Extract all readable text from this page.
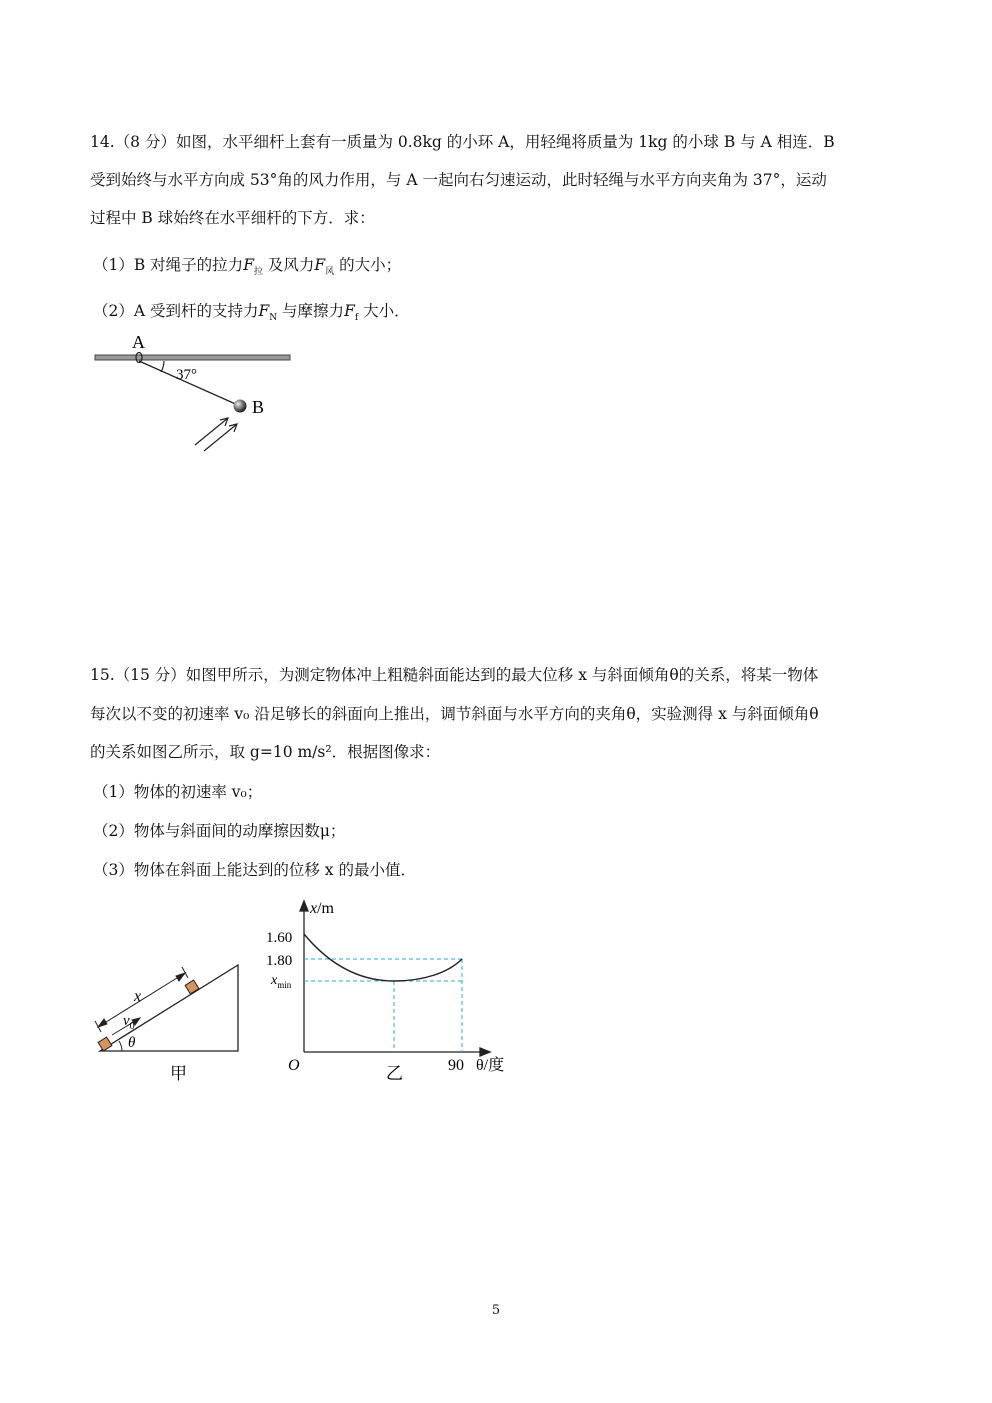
14.（8 分）如图，水平细杆上套有一质量为 0.8kg 的小环 A，用轻绳将质量为 1kg 的小球 B 与 A 相连．B
受到始终与水平方向成 53°角的风力作用，与 A 一起向右匀速运动，此时轻绳与水平方向夹角为 37°，运动
过程中 B 球始终在水平细杆的下方．求：
（1）B 对绳子的拉力$F_拉$ 及风力$F_风$ 的大小；
（2）A 受到杆的支持力$F_N$ 与摩擦力$F_f$ 大小．
A
37°
B
15.（15 分）如图甲所示，为测定物体冲上粗糙斜面能达到的最大位移 x 与斜面倾角θ的关系，将某一物体
每次以不变的初速率 v₀ 沿足够长的斜面向上推出，调节斜面与水平方向的夹角θ，实验测得 x 与斜面倾角θ
的关系如图乙所示，取 g=10 m/s²．根据图像求：
（1）物体的初速率 v₀；
（2）物体与斜面间的动摩擦因数μ；
（3）物体在斜面上能达到的位移 x 的最小值．
x
$v_0$
θ
甲
x/m
1.60
1.80
$x_{min}$
O	乙	90 θ/度
5
